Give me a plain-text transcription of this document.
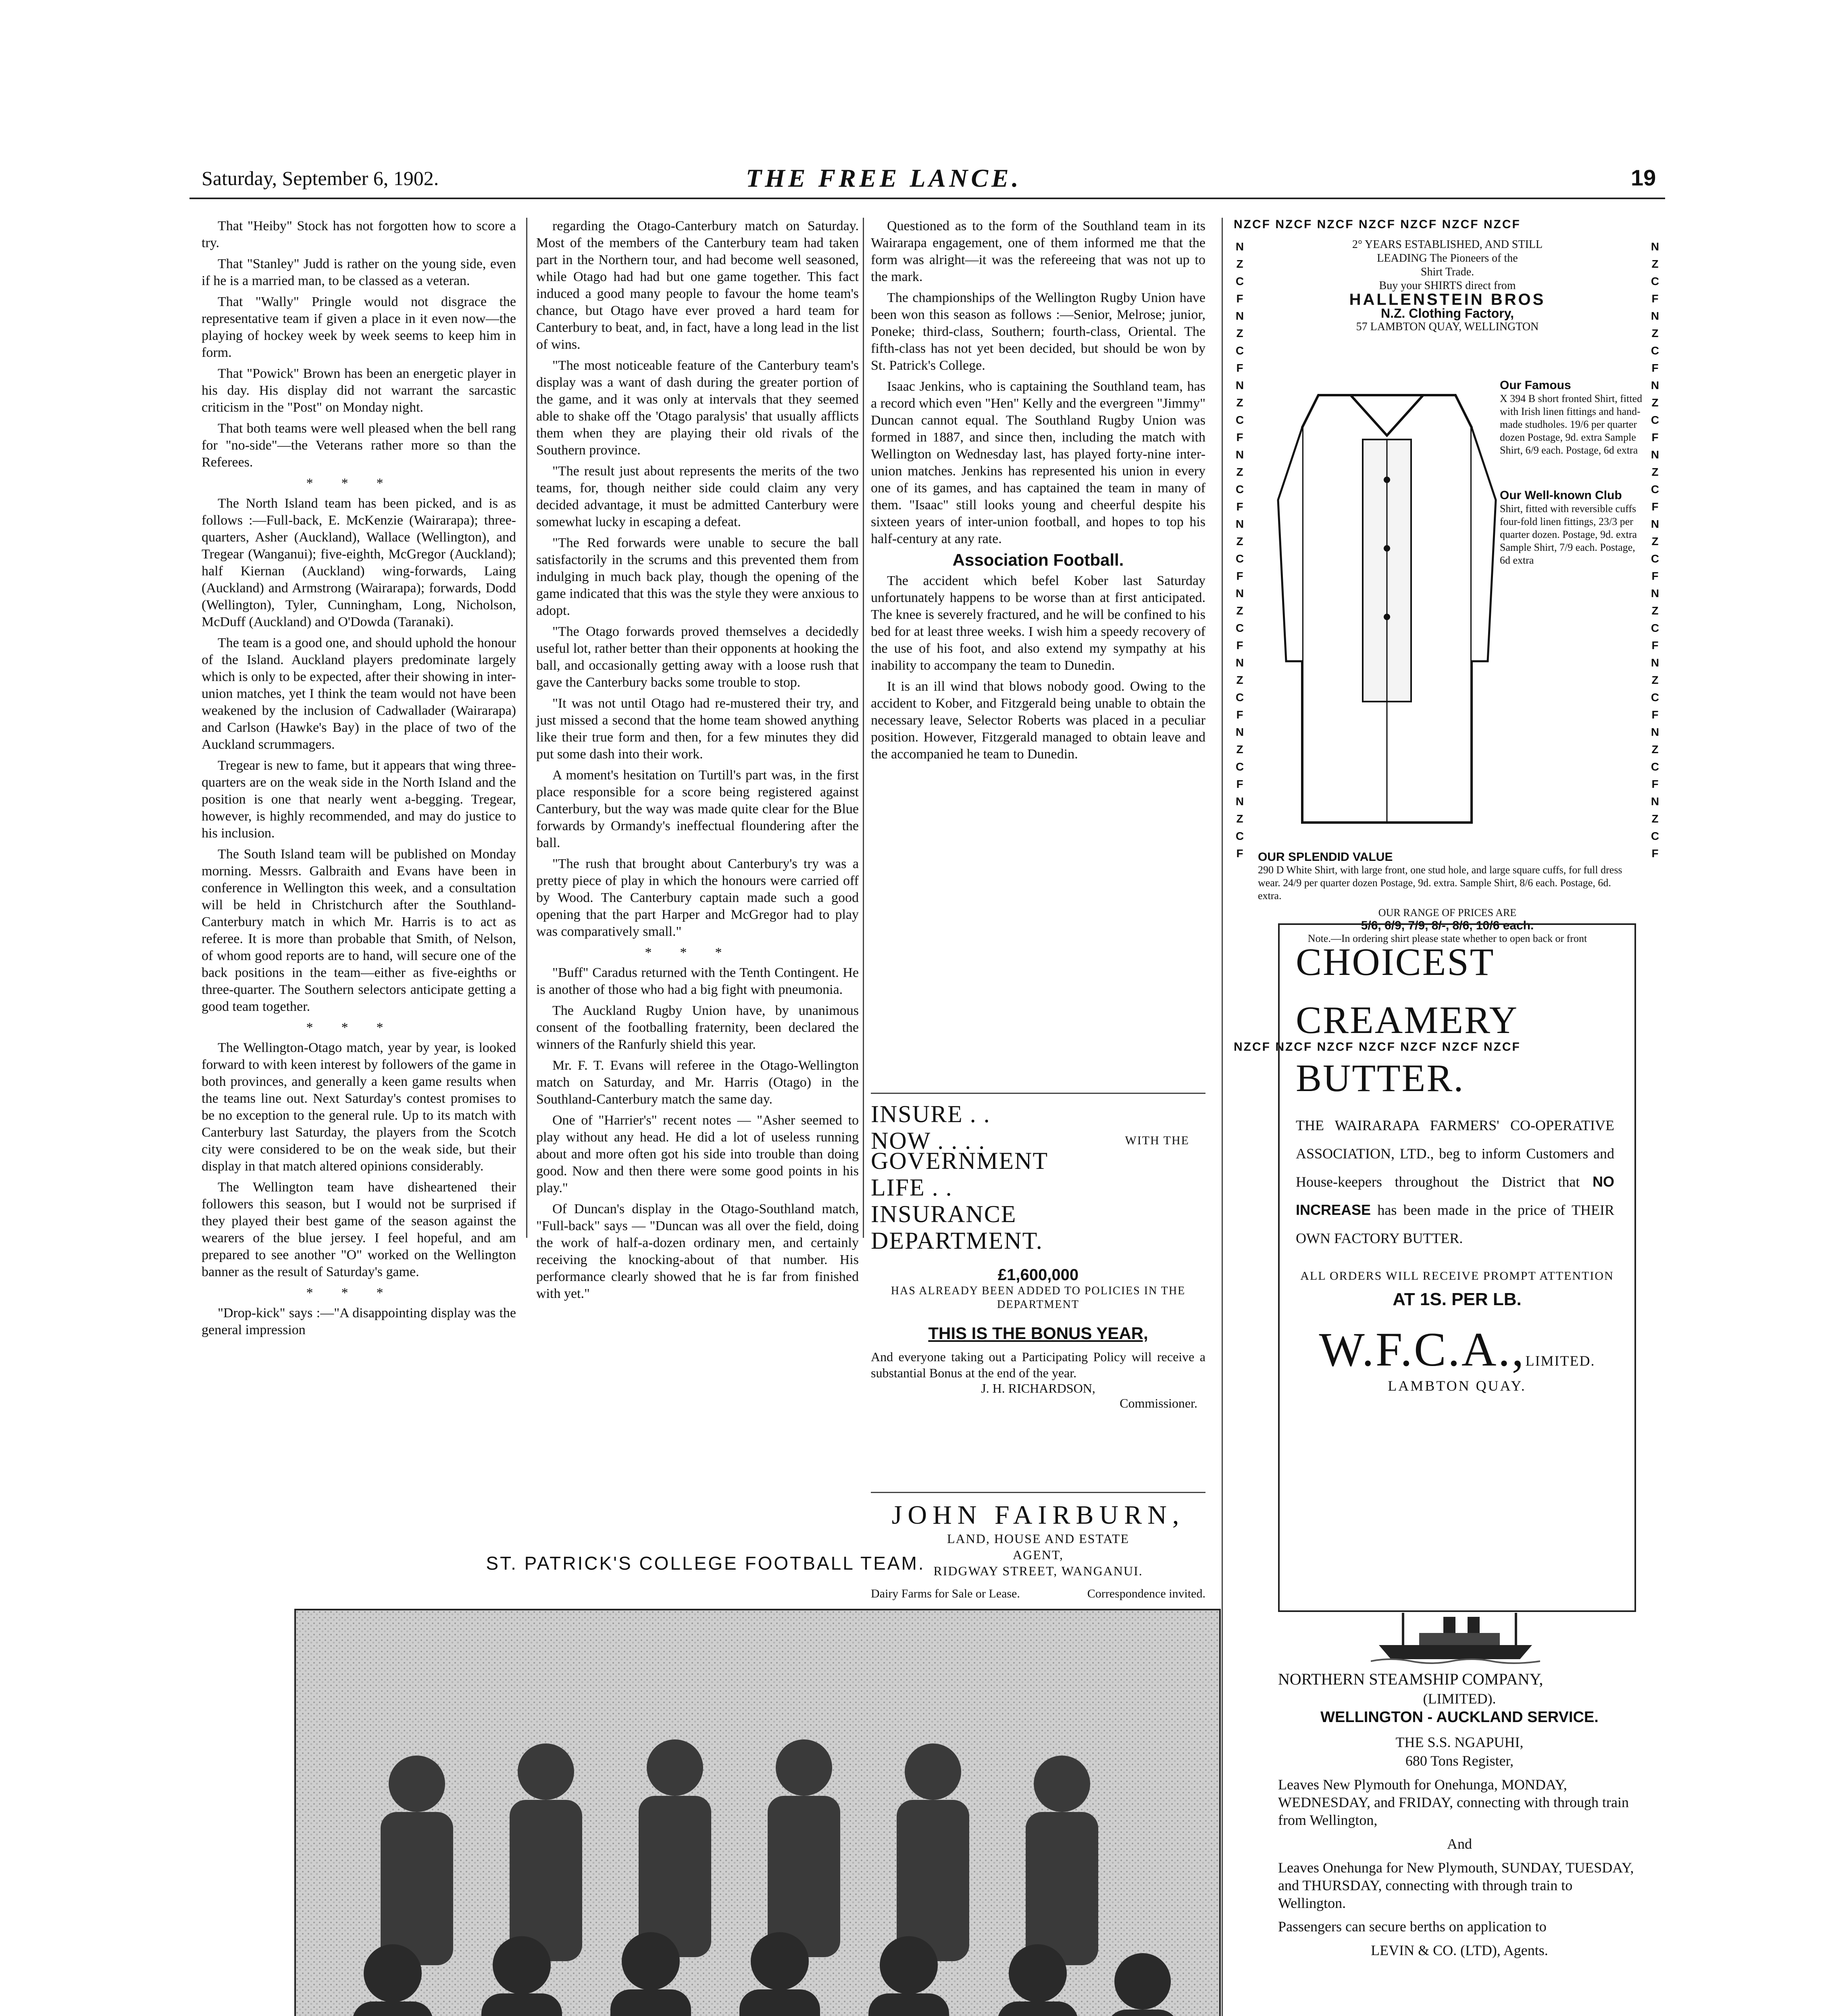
Saturday, September 6, 1902.	THE FREE LANCE.	19

That "Heiby" Stock has not forgotten how to score a try.

That "Stanley" Judd is rather on the young side, even if he is a married man, to be classed as a veteran.

That "Wally" Pringle would not disgrace the representative team if given a place in it even now—the playing of hockey week by week seems to keep him in form.

That "Powick" Brown has been an energetic player in his day. His display did not warrant the sarcastic criticism in the "Post" on Monday night.

That both teams were well pleased when the bell rang for "no-side"—the Veterans rather more so than the Referees.

***

The North Island team has been picked, and is as follows :—Full-back, E. McKenzie (Wairarapa); three-quarters, Asher (Auckland), Wallace (Wellington), and Tregear (Wanganui); five-eighth, McGregor (Auckland); half Kiernan (Auckland) wing-forwards, Laing (Auckland) and Armstrong (Wairarapa); forwards, Dodd (Wellington), Tyler, Cunningham, Long, Nicholson, McDuff (Auckland) and O'Dowda (Taranaki).

The team is a good one, and should uphold the honour of the Island. Auckland players predominate largely which is only to be expected, after their showing in inter-union matches, yet I think the team would not have been weakened by the inclusion of Cadwallader (Wairarapa) and Carlson (Hawke's Bay) in the place of two of the Auckland scrummagers.

Tregear is new to fame, but it appears that wing three-quarters are on the weak side in the North Island and the position is one that nearly went a-begging. Tregear, however, is highly recommended, and may do justice to his inclusion.

The South Island team will be published on Monday morning. Messrs. Galbraith and Evans have been in conference in Wellington this week, and a consultation will be held in Christchurch after the Southland-Canterbury match in which Mr. Harris is to act as referee. It is more than probable that Smith, of Nelson, of whom good reports are to hand, will secure one of the back positions in the team—either as five-eighths or three-quarter. The Southern selectors anticipate getting a good team together.

***

The Wellington-Otago match, year by year, is looked forward to with keen interest by followers of the game in both provinces, and generally a keen game results when the teams line out. Next Saturday's contest promises to be no exception to the general rule. Up to its match with Canterbury last Saturday, the players from the Scotch city were considered to be on the weak side, but their display in that match altered opinions considerably.

The Wellington team have disheartened their followers this season, but I would not be surprised if they played their best game of the season against the wearers of the blue jersey. I feel hopeful, and am prepared to see another "O" worked on the Wellington banner as the result of Saturday's game.

***

"Drop-kick" says :—"A disappointing display was the general impression

regarding the Otago-Canterbury match on Saturday. Most of the members of the Canterbury team had taken part in the Northern tour, and had become well seasoned, while Otago had had but one game together. This fact induced a good many people to favour the home team's chance, but Otago have ever proved a hard team for Canterbury to beat, and, in fact, have a long lead in the list of wins.

"The most noticeable feature of the Canterbury team's display was a want of dash during the greater portion of the game, and it was only at intervals that they seemed able to shake off the 'Otago paralysis' that usually afflicts them when they are playing their old rivals of the Southern province.

"The result just about represents the merits of the two teams, for, though neither side could claim any very decided advantage, it must be admitted Canterbury were somewhat lucky in escaping a defeat.

"The Red forwards were unable to secure the ball satisfactorily in the scrums and this prevented them from indulging in much back play, though the opening of the game indicated that this was the style they were anxious to adopt.

"The Otago forwards proved themselves a decidedly useful lot, rather better than their opponents at hooking the ball, and occasionally getting away with a loose rush that gave the Canterbury backs some trouble to stop.

"It was not until Otago had re-mustered their try, and just missed a second that the home team showed anything like their true form and then, for a few minutes they did put some dash into their work.

A moment's hesitation on Turtill's part was, in the first place responsible for a score being registered against Canterbury, but the way was made quite clear for the Blue forwards by Ormandy's ineffectual floundering after the ball.

"The rush that brought about Canterbury's try was a pretty piece of play in which the honours were carried off by Wood. The Canterbury captain made such a good opening that the part Harper and McGregor had to play was comparatively small."

***

"Buff" Caradus returned with the Tenth Contingent. He is another of those who had a big fight with pneumonia.

The Auckland Rugby Union have, by unanimous consent of the footballing fraternity, been declared the winners of the Ranfurly shield this year.

Mr. F. T. Evans will referee in the Otago-Wellington match on Saturday, and Mr. Harris (Otago) in the Southland-Canterbury match the same day.

One of "Harrier's" recent notes — "Asher seemed to play without any head. He did a lot of useless running about and more often got his side into trouble than doing good. Now and then there were some good points in his play."

Of Duncan's display in the Otago-Southland match, "Full-back" says — "Duncan was all over the field, doing the work of half-a-dozen ordinary men, and certainly receiving the knocking-about of that number. His performance clearly showed that he is far from finished with yet."

Questioned as to the form of the Southland team in its Wairarapa engagement, one of them informed me that the form was alright—it was the refereeing that was not up to the mark.

The championships of the Wellington Rugby Union have been won this season as follows :—Senior, Melrose; junior, Poneke; third-class, Southern; fourth-class, Oriental. The fifth-class has not yet been decided, but should be won by St. Patrick's College.

Isaac Jenkins, who is captaining the Southland team, has a record which even "Hen" Kelly and the evergreen "Jimmy" Duncan cannot equal. The Southland Rugby Union was formed in 1887, and since then, including the match with Wellington on Wednesday last, has played forty-nine inter-union matches. Jenkins has represented his union in every one of its games, and has captained the team in many of them. "Isaac" still looks young and cheerful despite his sixteen years of inter-union football, and hopes to top his half-century at any rate.

Association Football.

The accident which befel Kober last Saturday unfortunately happens to be worse than at first anticipated. The knee is severely fractured, and he will be confined to his bed for at least three weeks. I wish him a speedy recovery of the use of his foot, and also extend my sympathy at his inability to accompany the team to Dunedin.

It is an ill wind that blows nobody good. Owing to the accident to Kober, and Fitzgerald being unable to obtain the necessary leave, Selector Roberts was placed in a peculiar position. However, Fitzgerald managed to obtain leave and the accompanied he team to Dunedin.

INSURE . .
NOW . . . .	WITH THE
GOVERNMENT
LIFE . .
INSURANCE
DEPARTMENT.
£1,600,000
HAS ALREADY BEEN ADDED TO POLICIES IN THE DEPARTMENT
THIS IS THE BONUS YEAR,
And everyone taking out a Participating Policy will receive a substantial Bonus at the end of the year.
J. H. RICHARDSON,
Commissioner.
JOHN FAIRBURN,
LAND, HOUSE AND ESTATE
AGENT,
RIDGWAY STREET, WANGANUI.
Dairy Farms for Sale or Lease.	Correspondence invited.
ST. PATRICK'S COLLEGE FOOTBALL TEAM.

NZCF NZCF NZCF NZCF NZCF NZCF NZCF
NZCFNZCFNZCFNZCFNZCFNZCFNZCFNZCFNZCF
NZCFNZCFNZCFNZCFNZCFNZCFNZCFNZCFNZCF
2° YEARS ESTABLISHED, AND STILL
LEADING The Pioneers of the
Shirt Trade.
Buy your SHIRTS direct from
HALLENSTEIN BROS
N.Z. Clothing Factory,
57 LAMBTON QUAY, WELLINGTON
Our Famous
X 394 B short fronted Shirt, fitted with Irish linen fittings and hand-made studholes. 19/6 per quarter dozen Postage, 9d. extra Sample Shirt, 6/9 each. Postage, 6d extra
Our Well-known Club
Shirt, fitted with reversible cuffs four-fold linen fittings, 23/3 per quarter dozen. Postage, 9d. extra Sample Shirt, 7/9 each. Postage, 6d extra
OUR SPLENDID VALUE
290 D White Shirt, with large front, one stud hole, and large square cuffs, for full dress wear. 24/9 per quarter dozen Postage, 9d. extra. Sample Shirt, 8/6 each. Postage, 6d. extra.
OUR RANGE OF PRICES ARE
5/6, 6/9, 7/9, 8/-, 8/6, 10/6 each.
Note.—In ordering shirt please state whether to open back or front
NZCF NZCF NZCF NZCF NZCF NZCF NZCF
CHOICEST
CREAMERY
BUTTER.
THE WAIRARAPA FARMERS' CO-OPERATIVE ASSOCIATION, LTD., beg to inform Customers and House-keepers throughout the District that NO INCREASE has been made in the price of THEIR OWN FACTORY BUTTER.
ALL ORDERS WILL RECEIVE PROMPT ATTENTION
AT 1S. PER LB.
W.F.C.A.,LIMITED.
LAMBTON QUAY.
NORTHERN STEAMSHIP COMPANY,
(LIMITED).
WELLINGTON - AUCKLAND SERVICE.
THE S.S. NGAPUHI,
680 Tons Register,
Leaves New Plymouth for Onehunga, MONDAY, WEDNESDAY, and FRIDAY, connecting with through train from Wellington,
And
Leaves Onehunga for New Plymouth, SUNDAY, TUESDAY, and THURSDAY, connecting with through train to Wellington.
Passengers can secure berths on application to
LEVIN & CO. (LTD), Agents.
